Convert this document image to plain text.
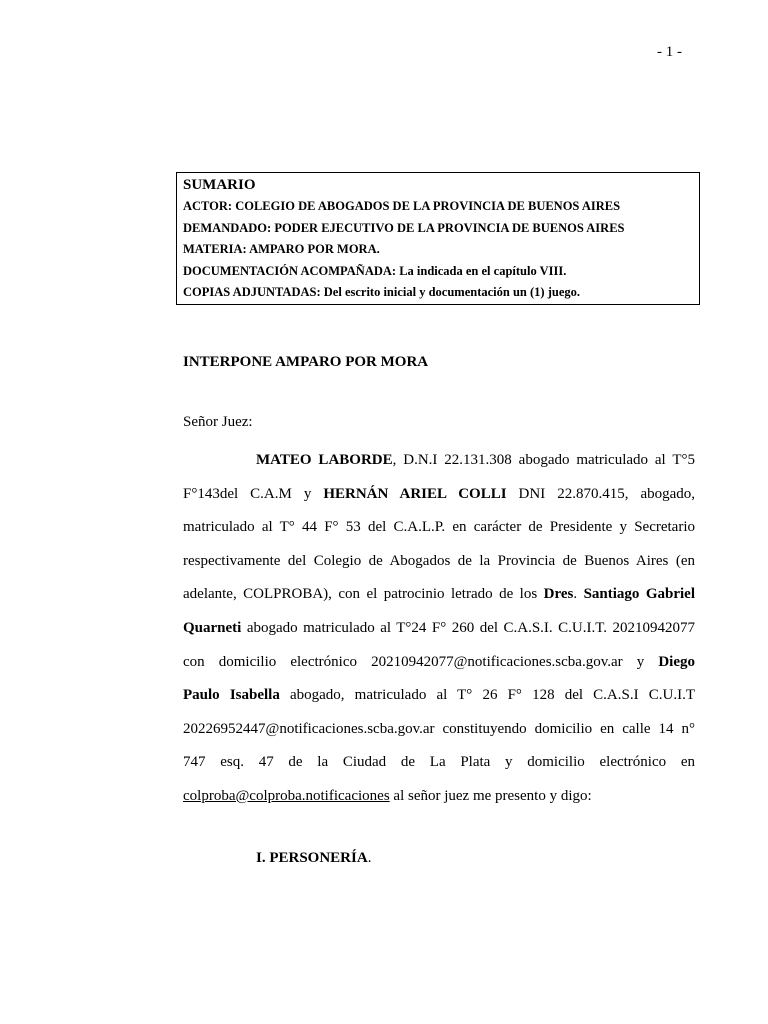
- 1 -
SUMARIO
ACTOR: COLEGIO DE ABOGADOS DE LA PROVINCIA DE BUENOS AIRES
DEMANDADO: PODER EJECUTIVO DE LA PROVINCIA DE BUENOS AIRES
MATERIA: AMPARO POR MORA.
DOCUMENTACIÓN ACOMPAÑADA: La indicada en el capítulo VIII.
COPIAS ADJUNTADAS: Del escrito inicial y documentación un (1) juego.
INTERPONE AMPARO POR MORA
Señor Juez:
MATEO LABORDE, D.N.I 22.131.308 abogado matriculado al T°5
F°143del C.A.M y HERNÁN ARIEL COLLI DNI 22.870.415, abogado,
matriculado al T° 44 F° 53 del C.A.L.P. en carácter de Presidente y Secretario
respectivamente del Colegio de Abogados de la Provincia de Buenos Aires (en
adelante, COLPROBA), con el patrocinio letrado de los Dres. Santiago Gabriel
Quarneti abogado matriculado al T°24 F° 260 del C.A.S.I. C.U.I.T. 20210942077
con domicilio electrónico 20210942077@notificaciones.scba.gov.ar y Diego
Paulo Isabella abogado, matriculado al T° 26 F° 128 del C.A.S.I C.U.I.T
20226952447@notificaciones.scba.gov.ar constituyendo domicilio en calle 14 n°
747 esq. 47 de la Ciudad de La Plata y domicilio electrónico en
colproba@colproba.notificaciones al señor juez me presento y digo:
I. PERSONERÍA.
